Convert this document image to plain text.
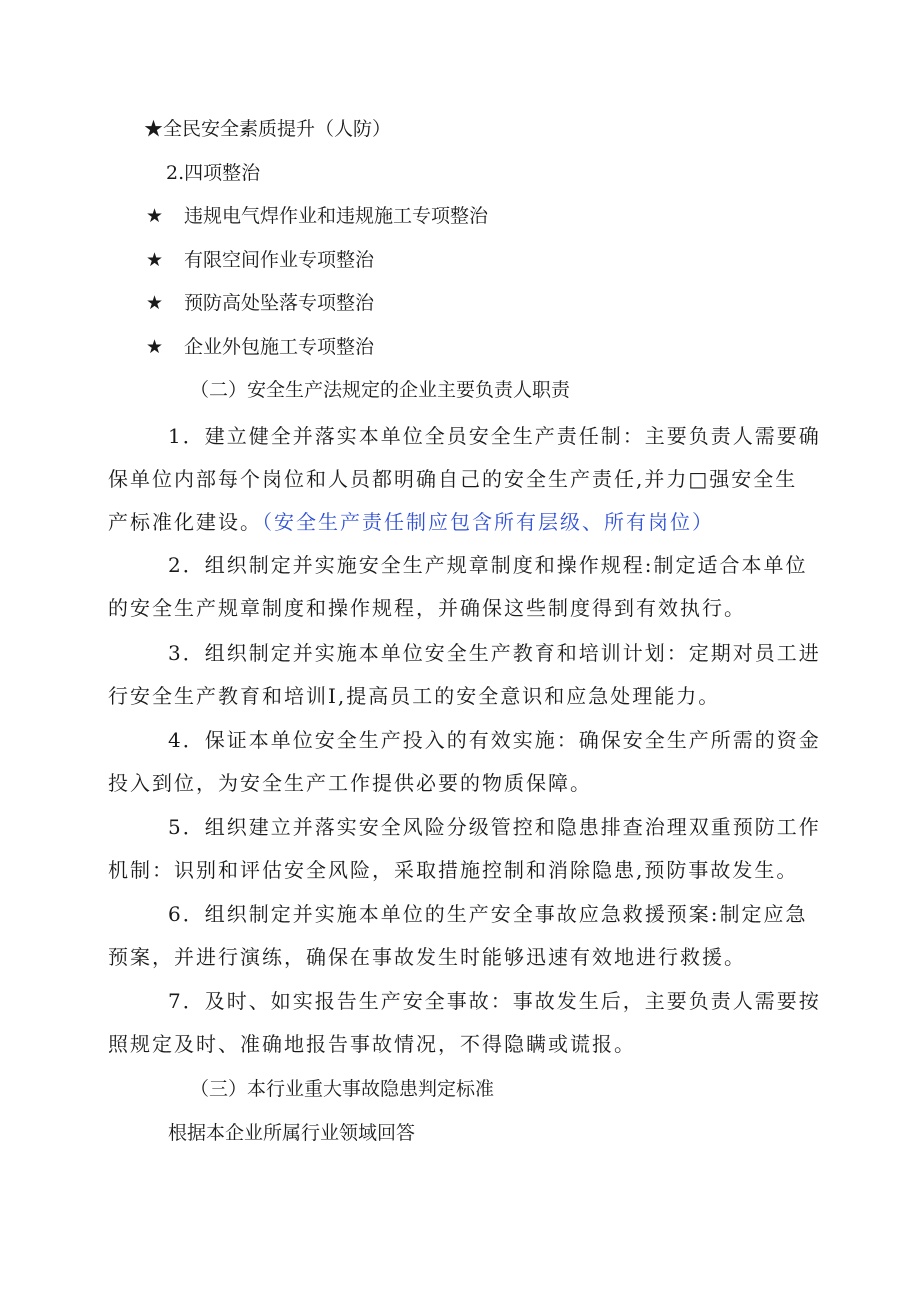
★全民安全素质提升（人防）
2.四项整治
★ 违规电气焊作业和违规施工专项整治
★ 有限空间作业专项整治
★ 预防高处坠落专项整治
★ 企业外包施工专项整治
（二）安全生产法规定的企业主要负责人职责
1．建立健全并落实本单位全员安全生产责任制：主要负责人需要确
保单位内部每个岗位和人员都明确自己的安全生产责任,并力□强安全生
产标准化建设。（安全生产责任制应包含所有层级、所有岗位）
2．组织制定并实施安全生产规章制度和操作规程:制定适合本单位
的安全生产规章制度和操作规程，并确保这些制度得到有效执行。
3．组织制定并实施本单位安全生产教育和培训计划：定期对员工进
行安全生产教育和培训I,提高员工的安全意识和应急处理能力。
4．保证本单位安全生产投入的有效实施：确保安全生产所需的资金
投入到位，为安全生产工作提供必要的物质保障。
5．组织建立并落实安全风险分级管控和隐患排查治理双重预防工作
机制：识别和评估安全风险，采取措施控制和消除隐患,预防事故发生。
6．组织制定并实施本单位的生产安全事故应急救援预案:制定应急
预案，并进行演练，确保在事故发生时能够迅速有效地进行救援。
7．及时、如实报告生产安全事故：事故发生后，主要负责人需要按
照规定及时、准确地报告事故情况，不得隐瞒或谎报。
（三）本行业重大事故隐患判定标准
根据本企业所属行业领域回答
